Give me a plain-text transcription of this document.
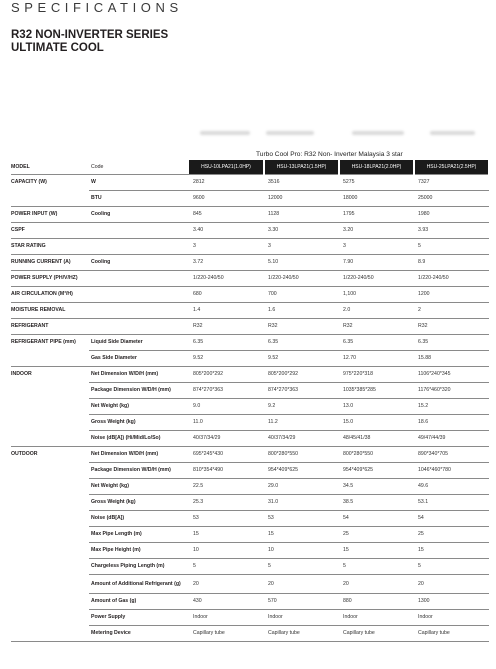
SPECIFICATIONS
R32 NON-INVERTER SERIES
ULTIMATE COOL
Turbo Cool Pro: R32 Non- Inverter Malaysia 3 star
MODEL	Code	HSU-10LPA21(1.0HP)	HSU-13LPA21(1.5HP)	HSU-18LPA21(2.0HP)	HSU-25LPA21(2.5HP)
CAPACITY (W)	W	2812	3516	5275	7327
	BTU	9600	12000	18000	25000
POWER INPUT (W)	Cooling	845	1128	1795	1980
CSPF		3.40	3.30	3.20	3.93
STAR RATING		3	3	3	5
RUNNING CURRENT (A)	Cooling	3.72	5.10	7.90	8.9
POWER SUPPLY (PH/V/HZ)		1/220-240/50	1/220-240/50	1/220-240/50	1/220-240/50
AIR CIRCULATION (M³/H)		680	700	1,100	1200
MOISTURE REMOVAL		1.4	1.6	2.0	2
REFRIGERANT		R32	R32	R32	R32
REFRIGERANT PIPE (mm)	Liquid Side Diameter	6.35	6.35	6.35	6.35
	Gas Side Diameter	9.52	9.52	12.70	15.88
INDOOR	Net Dimension W/D/H (mm)	805*200*292	805*200*292	975*220*318	1106*240*345
	Package Dimension W/D/H (mm)	874*270*363	874*270*363	1035*385*285	1176*460*320
	Net Weight (kg)	9.0	9.2	13.0	15.2
	Gross Weight (kg)	11.0	11.2	15.0	18.6
	Noise (dB[A]) (Hi/Mid/Lo/So)	40/37/34/29	40/37/34/29	48/45/41/38	49/47/44/39
OUTDOOR	Net Dimension W/D/H (mm)	695*245*430	800*280*550	800*280*550	890*340*705
	Package Dimension W/D/H (mm)	810*354*490	954*409*625	954*409*625	1046*460*780
	Net Weight (kg)	22.5	29.0	34.5	49.6
	Gross Weight (kg)	25.3	31.0	38.5	53.1
	Noise (dB[A])	53	53	54	54
	Max Pipe Length (m)	15	15	25	25
	Max Pipe Height (m)	10	10	15	15
	Chargeless Piping Length (m)	5	5	5	5
	Amount of Additional Refrigerant (g)	20	20	20	20
	Amount of Gas (g)	430	570	880	1300
	Power Supply	Indoor	Indoor	Indoor	Indoor
	Metering Device	Capillary tube	Capillary tube	Capillary tube	Capillary tube
